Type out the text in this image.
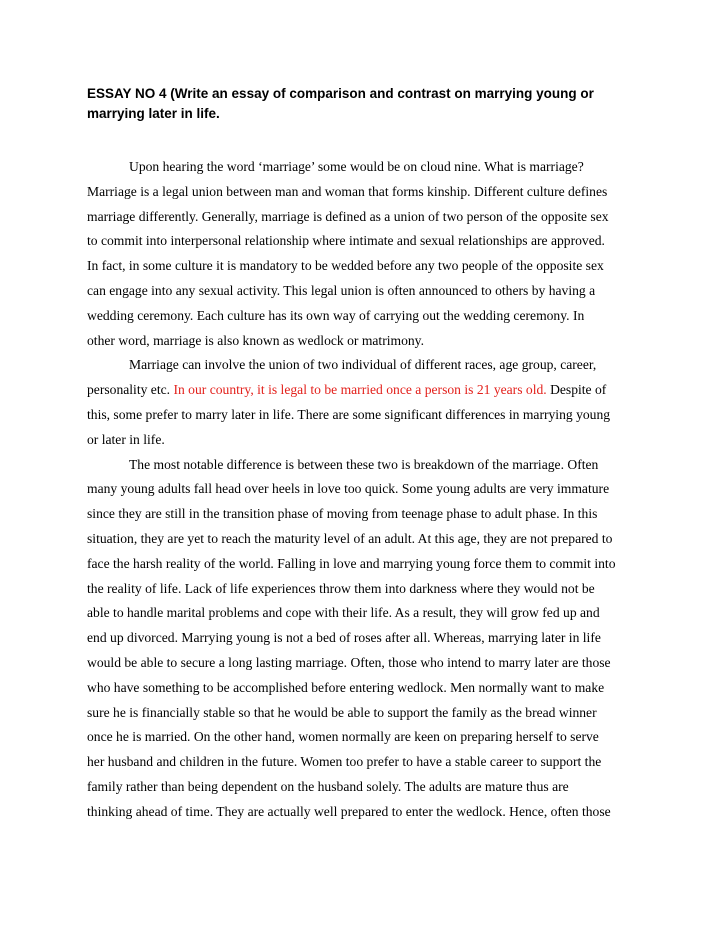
ESSAY NO 4 (Write an essay of comparison and contrast on marrying young or
marrying later in life.
Upon hearing the word ‘marriage’ some would be on cloud nine. What is marriage?
Marriage is a legal union between man and woman that forms kinship. Different culture defines
marriage differently. Generally, marriage is defined as a union of two person of the opposite sex
to commit into interpersonal relationship where intimate and sexual relationships are approved.
In fact, in some culture it is mandatory to be wedded before any two people of the opposite sex
can engage into any sexual activity. This legal union is often announced to others by having a
wedding ceremony. Each culture has its own way of carrying out the wedding ceremony. In
other word, marriage is also known as wedlock or matrimony.
Marriage can involve the union of two individual of different races, age group, career,
personality etc. In our country, it is legal to be married once a person is 21 years old. Despite of
this, some prefer to marry later in life. There are some significant differences in marrying young
or later in life.
The most notable difference is between these two is breakdown of the marriage. Often
many young adults fall head over heels in love too quick. Some young adults are very immature
since they are still in the transition phase of moving from teenage phase to adult phase. In this
situation, they are yet to reach the maturity level of an adult. At this age, they are not prepared to
face the harsh reality of the world. Falling in love and marrying young force them to commit into
the reality of life. Lack of life experiences throw them into darkness where they would not be
able to handle marital problems and cope with their life. As a result, they will grow fed up and
end up divorced. Marrying young is not a bed of roses after all. Whereas, marrying later in life
would be able to secure a long lasting marriage. Often, those who intend to marry later are those
who have something to be accomplished before entering wedlock. Men normally want to make
sure he is financially stable so that he would be able to support the family as the bread winner
once he is married. On the other hand, women normally are keen on preparing herself to serve
her husband and children in the future. Women too prefer to have a stable career to support the
family rather than being dependent on the husband solely. The adults are mature thus are
thinking ahead of time. They are actually well prepared to enter the wedlock. Hence, often those
